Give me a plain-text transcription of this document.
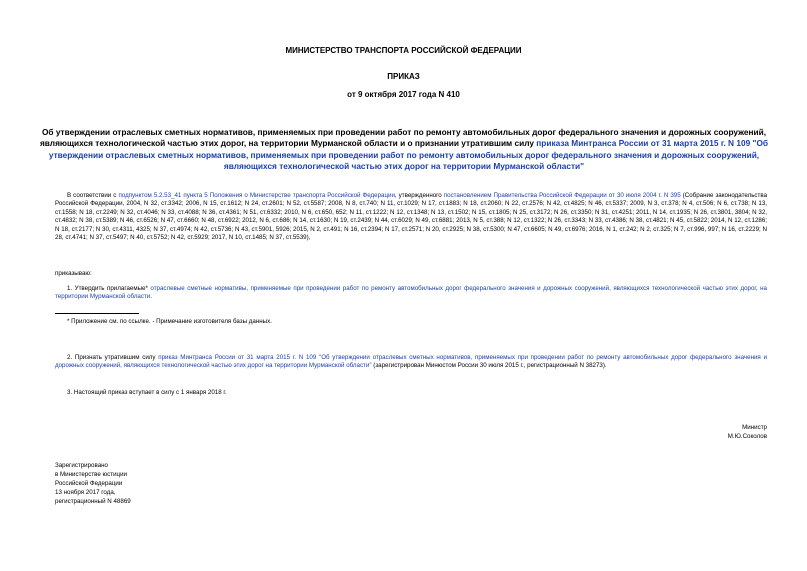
МИНИСТЕРСТВО ТРАНСПОРТА РОССИЙСКОЙ ФЕДЕРАЦИИ
ПРИКАЗ
от 9 октября 2017 года N 410
Об утверждении отраслевых сметных нормативов, применяемых при проведении работ по ремонту автомобильных дорог федерального значения и дорожных сооружений, являющихся технологической частью этих дорог, на территории Мурманской области и о признании утратившим силу приказа Минтранса России от 31 марта 2015 г. N 109 "Об утверждении отраслевых сметных нормативов, применяемых при проведении работ по ремонту автомобильных дорог федерального значения и дорожных сооружений, являющихся технологической частью этих дорог на территории Мурманской области"
В соответствии с подпунктом 5.2.53_41 пункта 5 Положения о Министерстве транспорта Российской Федерации, утвержденного постановлением Правительства Российской Федерации от 30 июля 2004 г. N 395 (Собрание законодательства Российской Федерации, 2004, N 32, ст.3342; 2006, N 15, ст.1612; N 24, ст.2601; N 52, ст.5587; 2008, N 8, ст.740; N 11, ст.1029; N 17, ст.1883; N 18, ст.2060; N 22, ст.2576; N 42, ст.4825; N 46, ст.5337; 2009, N 3, ст.378; N 4, ст.506; N 6, ст.738; N 13, ст.1558; N 18, ст.2249; N 32, ст.4046; N 33, ст.4088; N 36, ст.4361; N 51, ст.6332; 2010, N 6, ст.650, 652; N 11, ст.1222; N 12, ст.1348; N 13, ст.1502; N 15, ст.1805; N 25, ст.3172; N 26, ст.3350; N 31, ст.4251; 2011, N 14, ст.1935; N 26, ст.3801, 3804; N 32, ст.4832; N 38, ст.5389; N 46, ст.6526; N 47, ст.6660; N 48, ст.6922; 2012, N 6, ст.686; N 14, ст.1630; N 19, ст.2439; N 44, ст.6029; N 49, ст.6881; 2013, N 5, ст.388; N 12, ст.1322; N 26, ст.3343; N 33, ст.4386; N 38, ст.4821; N 45, ст.5822; 2014, N 12, ст.1286; N 18, ст.2177; N 30, ст.4311, 4325; N 37, ст.4974; N 42, ст.5736; N 43, ст.5901, 5926; 2015, N 2, ст.491; N 16, ст.2394; N 17, ст.2571; N 20, ст.2925; N 38, ст.5300; N 47, ст.6605; N 49, ст.6976; 2016, N 1, ст.242; N 2, ст.325; N 7, ст.996, 997; N 16, ст.2229; N 28, ст.4741; N 37, ст.5497; N 40, ст.5752; N 42, ст.5929; 2017, N 10, ст.1485; N 37, ст.5539),
приказываю:
1. Утвердить прилагаемые* отраслевые сметные нормативы, применяемые при проведении работ по ремонту автомобильных дорог федерального значения и дорожных сооружений, являющихся технологической частью этих дорог, на территории Мурманской области.
* Приложение см. по ссылке. - Примечание изготовителя базы данных.
2. Признать утратившим силу приказ Минтранса России от 31 марта 2015 г. N 109 "Об утверждении отраслевых сметных нормативов, применяемых при проведении работ по ремонту автомобильных дорог федерального значения и дорожных сооружений, являющихся технологической частью этих дорог на территории Мурманской области" (зарегистрирован Минюстом России 30 июля 2015 г., регистрационный N 38273).
3. Настоящий приказ вступает в силу с 1 января 2018 г.
Министр
М.Ю.Соколов
Зарегистрировано
в Министерстве юстиции
Российской Федерации
13 ноября 2017 года,
регистрационный N 48869
